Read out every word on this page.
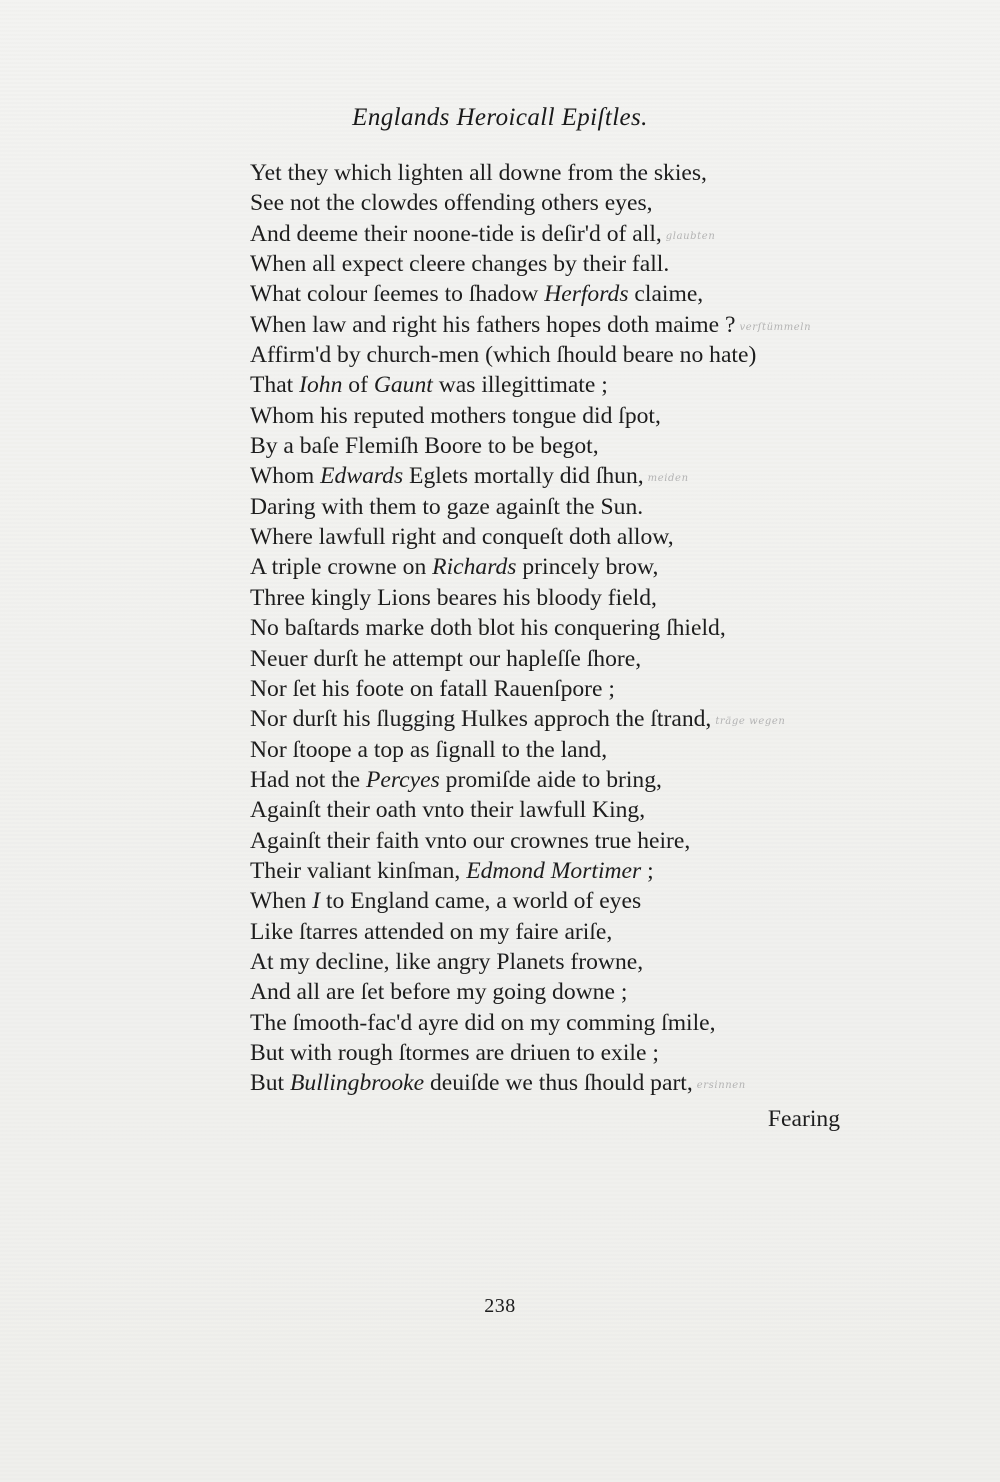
Englands Heroicall Epiſtles.
Yet they which lighten all downe from the skies,
See not the clowdes offending others eyes,
And deeme their noone-tide is deſir'd of all, glaubten
When all expect cleere changes by their fall.
What colour ſeemes to ſhadow Herfords claime,
When law and right his fathers hopes doth maime ? verſtümmeln
Affirm'd by church-men (which ſhould beare no hate)
That Iohn of Gaunt was illegittimate ;
Whom his reputed mothers tongue did ſpot,
By a baſe Flemiſh Boore to be begot,
Whom Edwards Eglets mortally did ſhun, meiden
Daring with them to gaze againſt the Sun.
Where lawfull right and conqueſt doth allow,
A triple crowne on Richards princely brow,
Three kingly Lions beares his bloody field,
No baſtards marke doth blot his conquering ſhield,
Neuer durſt he attempt our hapleſſe ſhore,
Nor ſet his foote on fatall Rauenſpore ;
Nor durſt his ſlugging Hulkes approch the ſtrand, träge wegen
Nor ſtoope a top as ſignall to the land,
Had not the Percyes promiſde aide to bring,
Againſt their oath vnto their lawfull King,
Againſt their faith vnto our crownes true heire,
Their valiant kinſman, Edmond Mortimer ;
When I to England came, a world of eyes
Like ſtarres attended on my faire ariſe,
At my decline, like angry Planets frowne,
And all are ſet before my going downe ;
The ſmooth-fac'd ayre did on my comming ſmile,
But with rough ſtormes are driuen to exile ;
But Bullingbrooke deuiſde we thus ſhould part, ersinnen
Fearing
238
